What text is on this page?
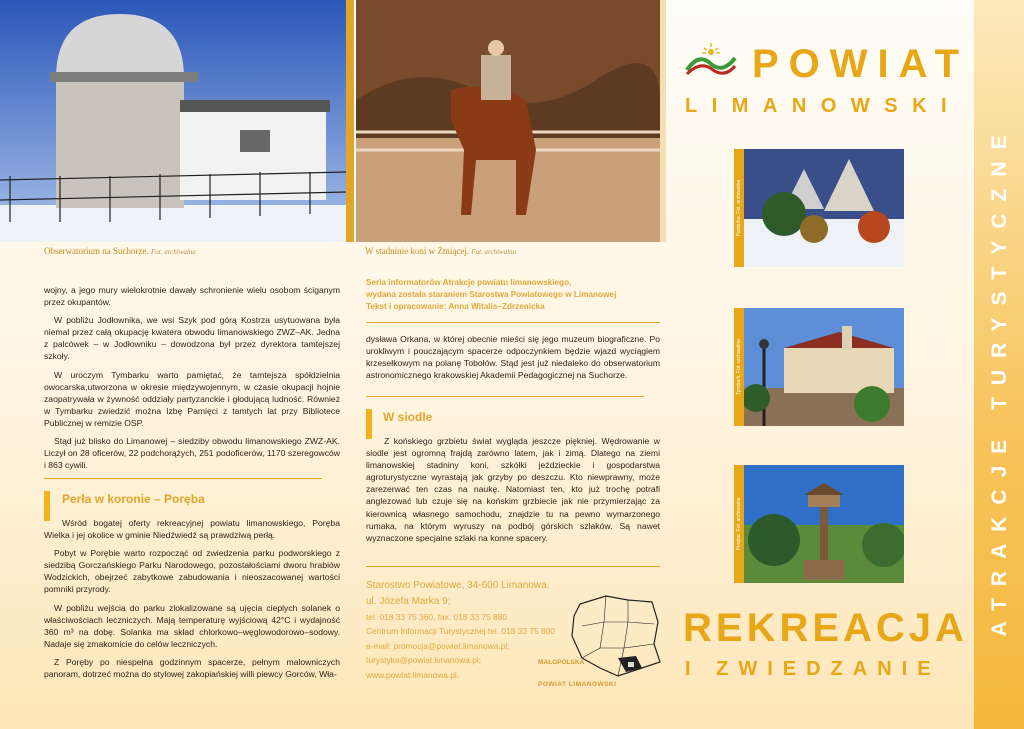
Obserwatorium na Suchorze. Fot. archiwalna	W stadninie koni w Żmiącej. Fot. archiwalna

wojny, a jego mury wielokrotnie dawały schronienie wielu osobom ściganym przez okupantów.

W pobliżu Jodłownika, we wsi Szyk pod górą Kostrza usytuowana była niemal przez całą okupację kwatera obwodu limanowskiego ZWZ–AK. Jedna z palcówek – w Jodłowniku – dowodzona był przez dyrektora tamtejszej szkoły.

W uroczym Tymbarku warto pamiętać, że tamtejsza spółdzielnia owocarska,utworzona w okresie międzywojennym, w czasie okupacji hojnie zaopatrywała w żywność oddziały partyzanckie i głodującą ludność. Również w Tymbarku zwiedzić można Izbę Pamięci z tamtych lat przy Bibliotece Publicznej w remizie OSP.

Stąd już blisko do Limanowej – siedziby obwodu limanowskiego ZWZ-AK. Liczył on 28 oficerów, 22 podchorążych, 251 podoficerów, 1170 szeregowców i 863 cywili.

Perła w koronie – Poręba

Wśród bogatej oferty rekreacyjnej powiatu limanowskiego, Poręba Wielka i jej okolice w gminie Niedźwiedź są prawdziwą perłą.

Pobyt w Porębie warto rozpocząć od zwiedzenia parku podworskiego z siedzibą Gorczańskiego Parku Narodowego, pozostałościami dworu hrabiów Wodzickich, obejrzeć zabytkowe zabudowania i nieoszacowanej wartości pomniki przyrody.

W pobliżu wejścia do parku zlokalizowane są ujęcia cieplych solanek o właściwościach leczniczych. Mają temperaturę wyjściową 42°C i wydajność 360 m³ na dobę. Solanka ma skład chlorkowo–węglowodorowo–sodowy. Nadaje się zmakomicie do celów leczniczych.

Z Poręby po niespełna godzinnym spacerze, pełnym malowniczych panoram, dotrzeć można do stylowej zakopiańskiej willi piewcy Gorców, Wła-

Seria informatorów Atrakcje powiatu limanowskiego,
wydana została staraniem Starostwa Powiatowego w Limanowej
Tekst i opracowanie: Anna Witalis–Zdrzenicka

dysława Orkana, w której obecnie mieści się jego muzeum biograficzne. Po urokliwym i pouczającym spacerze odpoczynkiem będzie wjazd wyciągiem krzesełkowym na polanę Tobołów. Stąd jest już niedaleko do obserwatorium astronomicznego krakowskiej Akademii Pedagogicznej na Suchorze.

W siodle

Z końskiego grzbietu świat wygląda jeszcze piękniej. Wędrowanie w siodle jest ogromną frajdą zarówno latem, jak i zimą. Dlatego na ziemi limanowskiej stadniny koni, szkółki jeździeckie i gospodarstwa agroturystyczne wyrastają jak grzyby po deszczu. Kto niewprawny, może zarezerwać ten czas na naukę. Natomiast ten, kto już trochę potrafi anglezować lub czuje się na końskim grzbiecie jak nie przymierzając za kierownicą własnego samochodu, znajdzie tu na pewno wymarzonego rumaka, na którym wyruszy na podbój górskich szlaków. Są nawet wyznaczone specjalne szlaki na konne spacery.

Starostwo Powiatowe, 34-600 Limanowa,
ul. Józefa Marka 9;
tel. 018 33 75 360, fax. 018 33 75 880
Centrum Informacji Turystycznej tel. 018 33 75 800
e-mail: promocja@powiat.limanowa.pl;
turystyka@powiat.limanowa.pl;
www.powiat.limanowa.pl.
MAŁOPOLSKA
POWIAT LIMANOWSKI
POWIAT
LIMANOWSKI
Pasterka. Fot. archiwalna
Tymbark. Fot. archiwalna
Poręba. Fot. archiwalna
REKREACJA
I ZWIEDZANIE
ATRAKCJE TURYSTYCZNE
